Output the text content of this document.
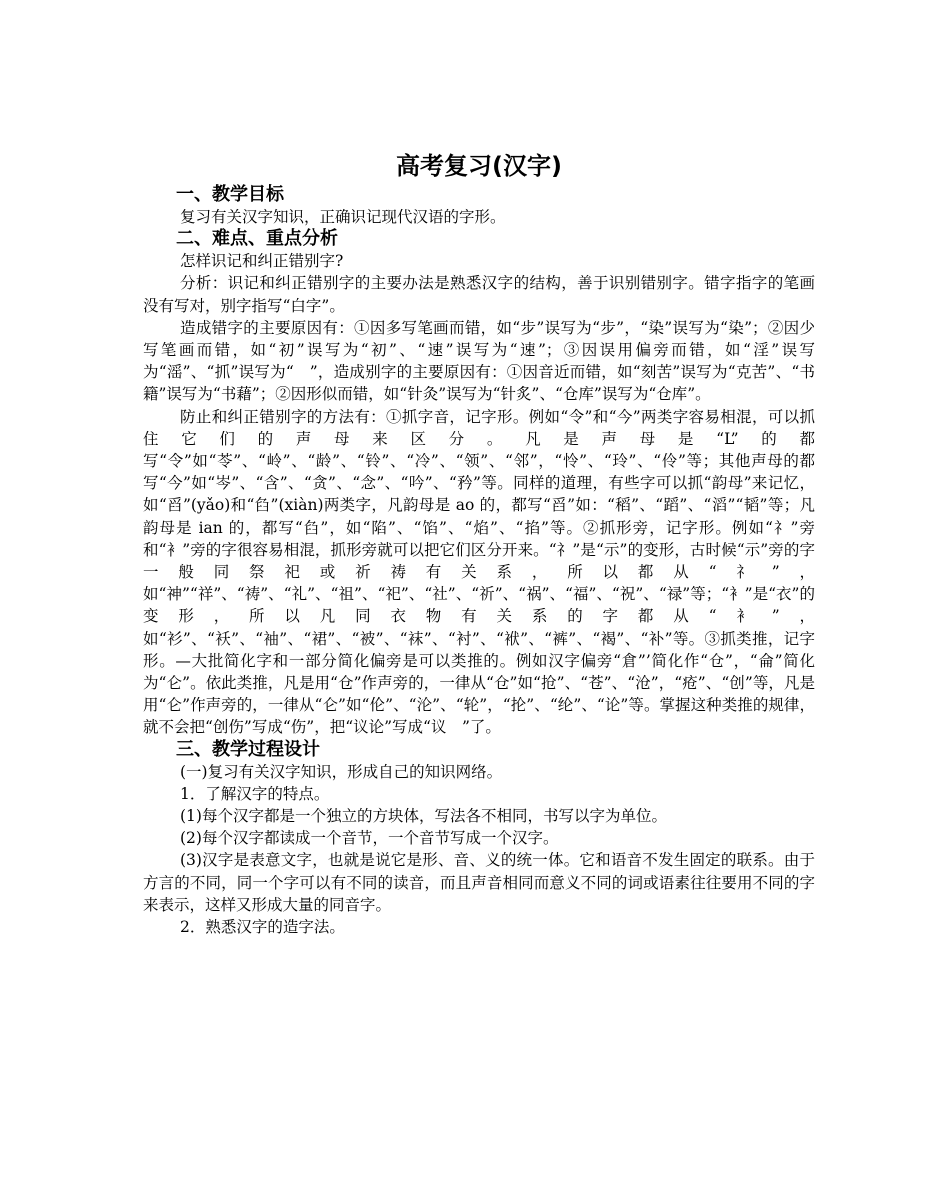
高考复习(汉字)
一、教学目标

复习有关汉字知识，正确识记现代汉语的字形。

二、难点、重点分析

怎样识记和纠正错别字?

分析：识记和纠正错别字的主要办法是熟悉汉字的结构，善于识别错别字。错字指字的笔画没有写对，别字指写“白字”。

造成错字的主要原因有：①因多写笔画而错，如“步”误写为“步”，“染”误写为“染”；②因少写笔画而错，如“初”误写为“初”、“速”误写为“速”；③因误用偏旁而错，如“淫”误写为“滛”、“抓”误写为“　”，造成别字的主要原因有：①因音近而错，如“刻苦”误写为“克苦”、“书籍”误写为“书藉”；②因形似而错，如“针灸”误写为“针炙”、“仓库”误写为“仓库”。

防止和纠正错别字的方法有：①抓字音，记字形。例如“令”和“今”两类字容易相混，可以抓住它们的声母来区分。凡是声母是“L”的都写“令”如“苓”、“岭”、“龄”、“铃”、“冷”、“领”、“邻”，“怜”、“玲”、“伶”等；其他声母的都写“今”如“岑”、“含”、“贪”、“念”、“吟”、“矜”等。同样的道理，有些字可以抓“韵母”来记忆，如“舀”(yǎo)和“臽”(xiàn)两类字，凡韵母是 ao 的，都写“舀”如：“稻”、“蹈”、“滔”“韬”等；凡韵母是 ian 的，都写“臽”，如“陷”、“馅”、“焰”、“掐”等。②抓形旁，记字形。例如“礻”旁和“衤”旁的字很容易相混，抓形旁就可以把它们区分开来。“礻”是“示”的变形，古时候“示”旁的字一般同祭祀或祈祷有关系，所以都从“礻”，如“神”“祥”、“祷”、“礼”、“祖”、“祀”、“社”、“祈”、“祸”、“福”、“祝”、“禄”等；“衤”是“衣”的变形，所以凡同衣物有关系的字都从“衤”，如“衫”、“袄”、“袖”、“裙”、“被”、“袜”、“衬”、“袱”、“裤”、“褐”、“补”等。③抓类推，记字形。—大批简化字和一部分简化偏旁是可以类推的。例如汉字偏旁“倉”’简化作“仓”，“侖”简化为“仑”。依此类推，凡是用“仓”作声旁的，一律从“仓”如“抢”、“苍”、“沧”，“疮”、“创”等，凡是用“仑”作声旁的，一律从“仑”如“伦”、“沦”、“轮”，“抡”、“纶”、“论”等。掌握这种类推的规律，就不会把“创伤”写成“伤”，把“议论”写成“议　”了。

三、教学过程设计

(一)复习有关汉字知识，形成自己的知识网络。

1．了解汉字的特点。

(1)每个汉字都是一个独立的方块体，写法各不相同，书写以字为单位。

(2)每个汉字都读成一个音节，一个音节写成一个汉字。

(3)汉字是表意文字，也就是说它是形、音、义的统一体。它和语音不发生固定的联系。由于方言的不同，同一个字可以有不同的读音，而且声音相同而意义不同的词或语素往往要用不同的字来表示，这样又形成大量的同音字。

2．熟悉汉字的造字法。
